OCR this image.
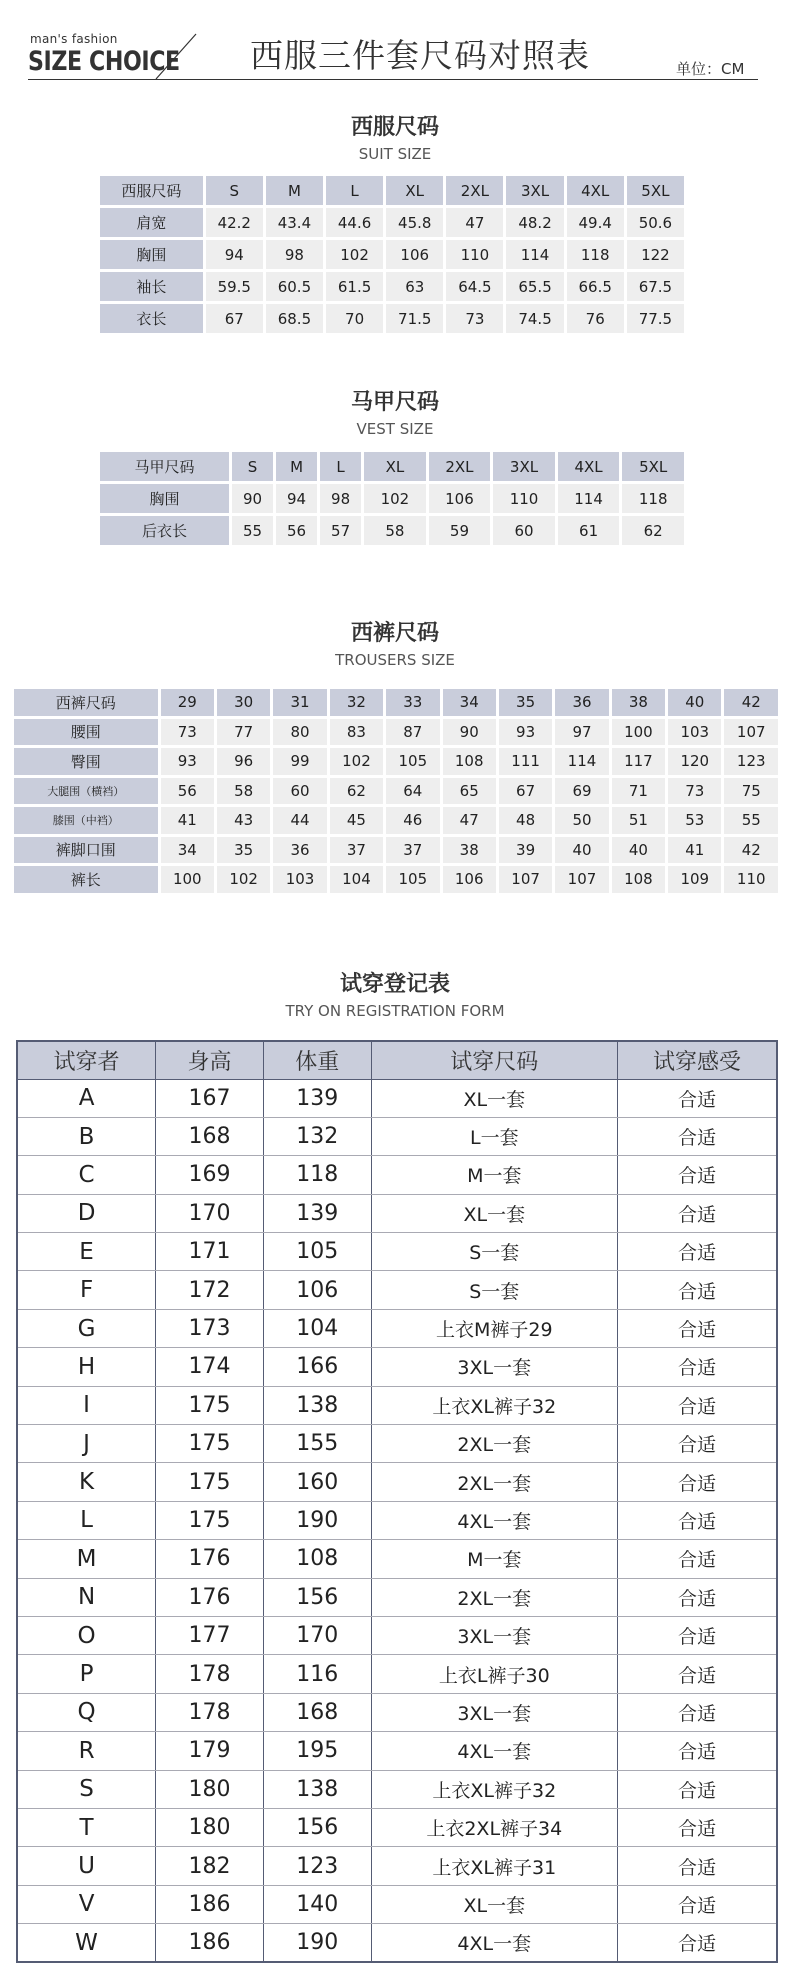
man's fashion
SIZE CHOICE 西服三件套尺码对照表	单位：CM
西服尺码
SUIT SIZE
西服尺码	S	M	L	XL	2XL	3XL	4XL	5XL
肩宽	42.2	43.4	44.6	45.8	47	48.2	49.4	50.6
胸围	94	98	102	106	110	114	118	122
袖长	59.5	60.5	61.5	63	64.5	65.5	66.5	67.5
衣长	67	68.5	70	71.5	73	74.5	76	77.5
马甲尺码
VEST SIZE
马甲尺码	S	M	L	XL	2XL	3XL	4XL	5XL
胸围	90	94	98	102	106	110	114	118
后衣长	55	56	57	58	59	60	61	62
西裤尺码
TROUSERS SIZE
西裤尺码	29	30	31	32	33	34	35	36	38	40	42
腰围	73	77	80	83	87	90	93	97	100	103	107
臀围	93	96	99	102	105	108	111	114	117	120	123
大腿围（横裆）	56	58	60	62	64	65	67	69	71	73	75
膝围（中裆）	41	43	44	45	46	47	48	50	51	53	55
裤脚口围	34	35	36	37	37	38	39	40	40	41	42
裤长	100	102	103	104	105	106	107	107	108	109	110
试穿登记表
TRY ON REGISTRATION FORM
试穿者	身高	体重	试穿尺码	试穿感受
A	167	139	XL一套	合适
B	168	132	L一套	合适
C	169	118	M一套	合适
D	170	139	XL一套	合适
E	171	105	S一套	合适
F	172	106	S一套	合适
G	173	104	上衣M裤子29	合适
H	174	166	3XL一套	合适
I	175	138	上衣XL裤子32	合适
J	175	155	2XL一套	合适
K	175	160	2XL一套	合适
L	175	190	4XL一套	合适
M	176	108	M一套	合适
N	176	156	2XL一套	合适
O	177	170	3XL一套	合适
P	178	116	上衣L裤子30	合适
Q	178	168	3XL一套	合适
R	179	195	4XL一套	合适
S	180	138	上衣XL裤子32	合适
T	180	156	上衣2XL裤子34	合适
U	182	123	上衣XL裤子31	合适
V	186	140	XL一套	合适
W	186	190	4XL一套	合适
